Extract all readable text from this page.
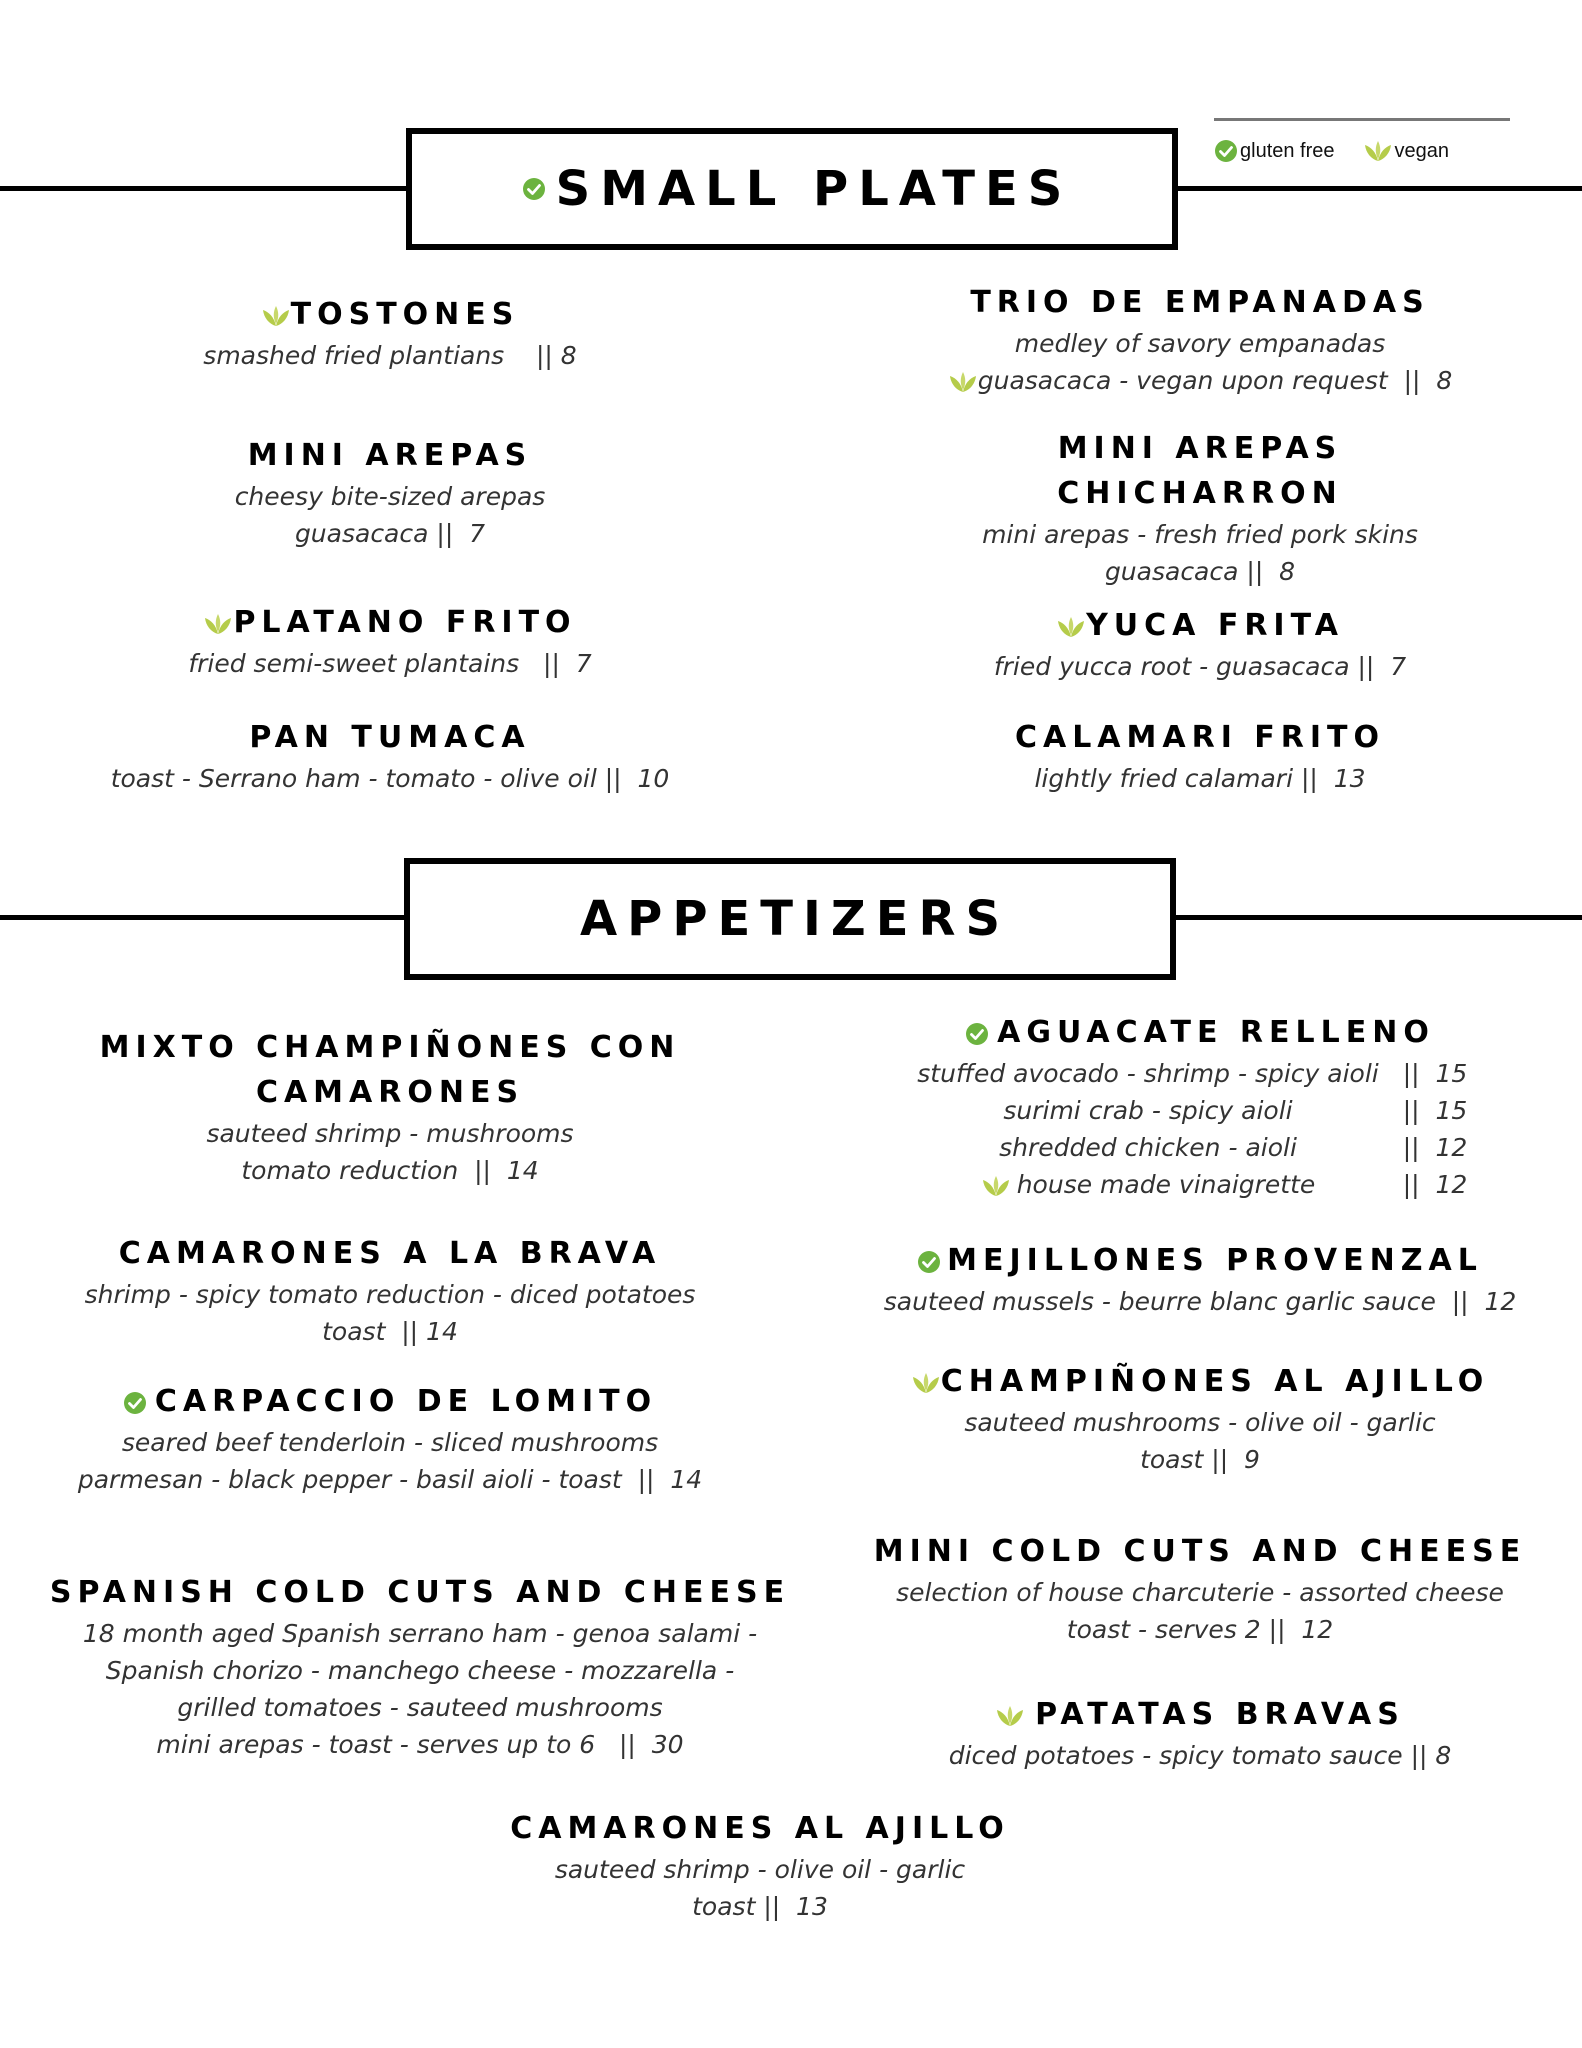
SMALL PLATES
gluten free	vegan
TOSTONES
smashed fried plantians    || 8
MINI AREPAS
cheesy bite-sized arepas
guasacaca ||  7
PLATANO FRITO
fried semi-sweet plantains   ||  7
PAN TUMACA
toast - Serrano ham - tomato - olive oil ||  10
TRIO DE EMPANADAS
medley of savory empanadas
guasacaca - vegan upon request  ||  8
MINI AREPAS
CHICHARRON
mini arepas - fresh fried pork skins
guasacaca ||  8
YUCA FRITA
fried yucca root - guasacaca ||  7
CALAMARI FRITO
lightly fried calamari ||  13
APPETIZERS
MIXTO CHAMPIÑONES CON
CAMARONES
sauteed shrimp - mushrooms
tomato reduction  ||  14
CAMARONES A LA BRAVA
shrimp - spicy tomato reduction - diced potatoes
toast  || 14
CARPACCIO DE LOMITO
seared beef tenderloin - sliced mushrooms
parmesan - black pepper - basil aioli - toast  ||  14
SPANISH COLD CUTS AND CHEESE
18 month aged Spanish serrano ham - genoa salami -
Spanish chorizo - manchego cheese - mozzarella -
grilled tomatoes - sauteed mushrooms
mini arepas - toast - serves up to 6   ||  30
AGUACATE RELLENO
stuffed avocado - shrimp - spicy aioli ||  15
surimi crab - spicy aioli	||  15
shredded chicken - aioli	||  12
house made vinaigrette	||  12
MEJILLONES PROVENZAL
sauteed mussels - beurre blanc garlic sauce  ||  12
CHAMPIÑONES AL AJILLO
sauteed mushrooms - olive oil - garlic
toast ||  9
MINI COLD CUTS AND CHEESE
selection of house charcuterie - assorted cheese
toast - serves 2 ||  12
PATATAS BRAVAS
diced potatoes - spicy tomato sauce || 8
CAMARONES AL AJILLO
sauteed shrimp - olive oil - garlic
toast ||  13
